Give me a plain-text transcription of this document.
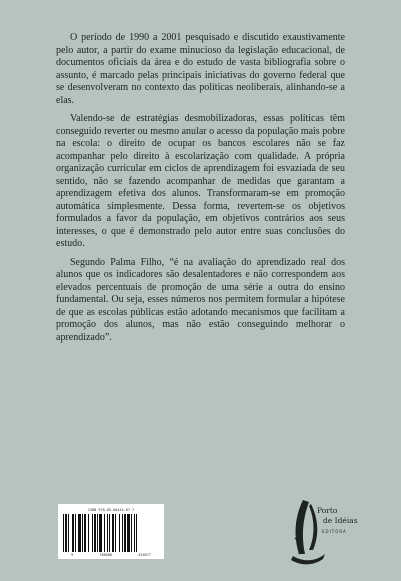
O período de 1990 a 2001 pesquisado e discutido exaustivamente pelo autor, a partir do exame minucioso da legislação educacional, de documentos oficiais da área e do estudo de vasta bibliografia sobre o assunto, é marcado pelas principais iniciativas do governo federal que se desenvolveram no contexto das políticas neoliberais, alinhando-se a elas.

Valendo-se de estratégias desmobilizadoras, essas políticas têm conseguido reverter ou mesmo anular o acesso da população mais pobre na escola: o direito de ocupar os bancos escolares não se faz acompanhar pelo direito à escolarização com qualidade. A própria organização curricular em ciclos de aprendizagem foi esvaziada de seu sentido, não se fazendo acompanhar de medidas que garantam a aprendizagem efetiva dos alunos. Transformaram-se em promoção automática simplesmente. Dessa forma, revertem-se os objetivos formulados a favor da população, em objetivos contrários aos seus interesses, o que é demonstrado pelo autor entre suas conclusões do estudo.

Segundo Palma Filho, “é na avaliação do aprendizado real dos alunos que os indicadores são desalentadores e não correspondem aos elevados percentuais de promoção de uma série a outra do ensino fundamental. Ou seja, esses números nos permitem formular a hipótese de que as escolas públicas estão adotando mecanismos que facilitam a promoção dos alunos, mas não estão conseguindo melhorar o aprendizado”.

ISBN 978-85-60434-07-7
9	788560	434077
Porto
de Idéias
EDITORA
